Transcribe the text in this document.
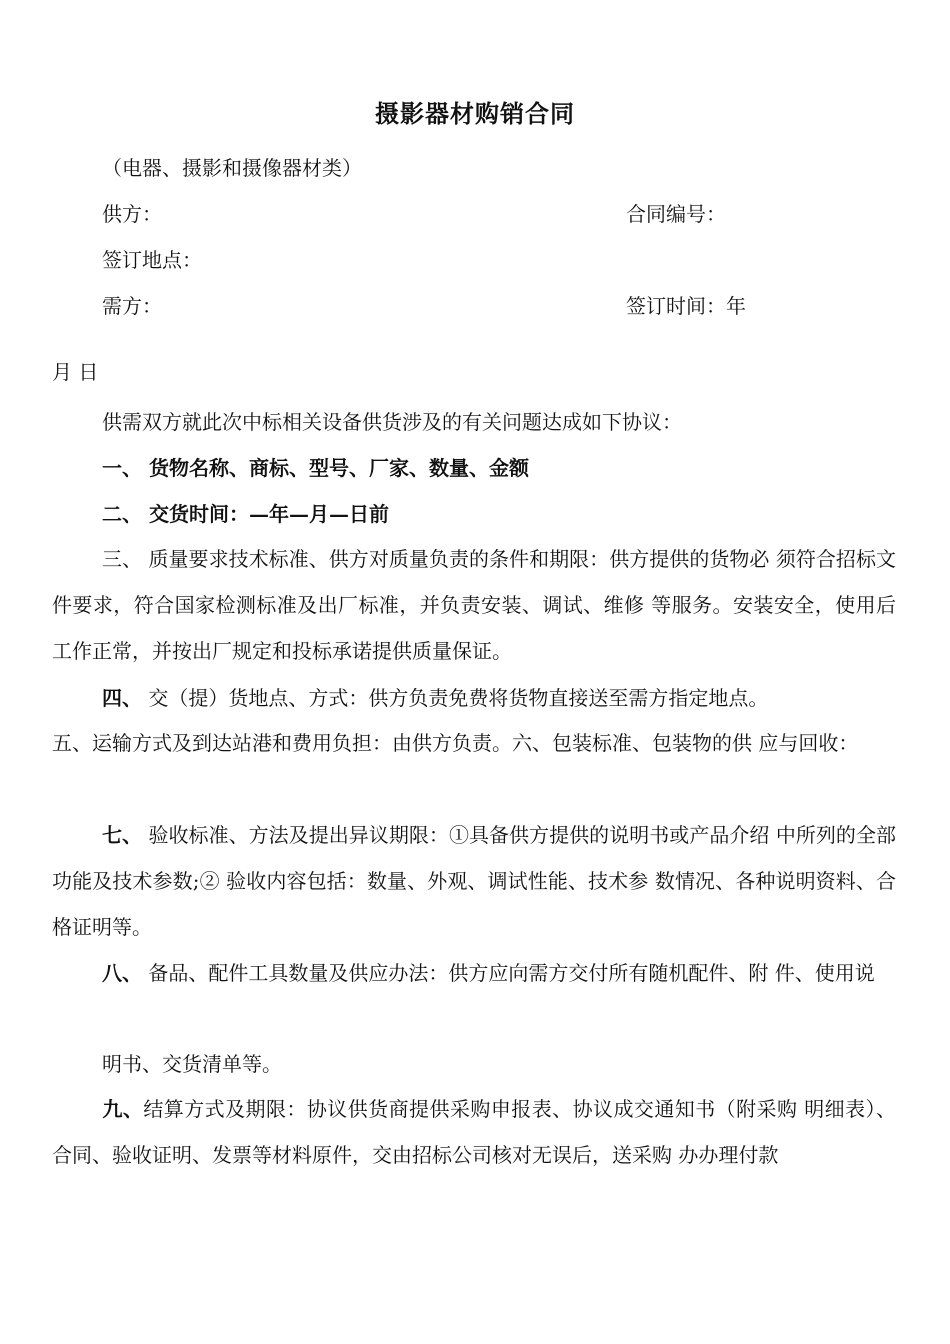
摄影器材购销合同
（电器、摄影和摄像器材类）
供方：	合同编号：
签订地点：
需方：	签订时间：年
月 日
供需双方就此次中标相关设备供货涉及的有关问题达成如下协议：
一、 货物名称、商标、型号、厂家、数量、金额
二、 交货时间：—年—月—日前
三、 质量要求技术标准、供方对质量负责的条件和期限：供方提供的货物必 须符合招标文件要求，符合国家检测标准及出厂标准，并负责安装、调试、维修 等服务。安装安全，使用后工作正常，并按出厂规定和投标承诺提供质量保证。
四、 交（提）货地点、方式：供方负责免费将货物直接送至需方指定地点。
五、运输方式及到达站港和费用负担：由供方负责。六、包装标准、包装物的供 应与回收：
七、 验收标准、方法及提出异议期限：①具备供方提供的说明书或产品介绍 中所列的全部功能及技术参数;② 验收内容包括：数量、外观、调试性能、技术参 数情况、各种说明资料、合格证明等。
八、 备品、配件工具数量及供应办法：供方应向需方交付所有随机配件、附 件、使用说
明书、交货清单等。
九、结算方式及期限：协议供货商提供采购申报表、协议成交通知书（附采购 明细表）、合同、验收证明、发票等材料原件，交由招标公司核对无误后，送采购 办办理付款
